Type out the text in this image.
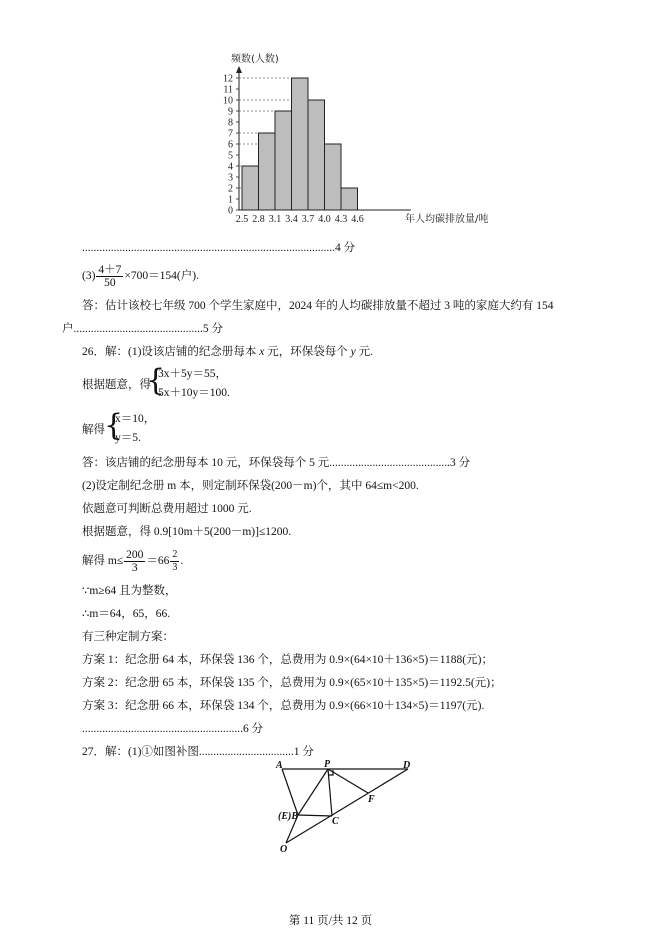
频数(人数)
0
1
2
3
4
5
6
7
8
9
10
11
12
2.5 2.8 3.1 3.4 3.7 4.0 4.3 4.6	年人均碳排放量/吨
........................................................................................4 分
$(3) \frac{4+7}{50} \times 700=154$(户).
答：估计该校七年级 700 个学生家庭中，2024 年的人均碳排放量不超过 3 吨的家庭大约有 154
户.............................................5 分
26．解：(1)设该店铺的纪念册每本 x 元，环保袋每个 y 元.
根据题意，得
{
3x＋5y＝55，
5x＋10y＝100.
解得 {
x＝10，
y＝5.
答：该店铺的纪念册每本 10 元，环保袋每个 5 元..........................................3 分
(2)设定制纪念册 m 本，则定制环保袋(200－m)个，其中 64≤m<200.
依题意可判断总费用超过 1000 元.
根据题意，得 0.9[10m＋5(200－m)]≤1200.
解得 $m\le \frac{200}{3} =66 \frac{2}{3}$ .
∵m≥64 且为整数，
∴m＝64，65，66.
有三种定制方案：
方案 1：纪念册 64 本，环保袋 136 个，总费用为 0.9×(64×10＋136×5)＝1188(元)；
方案 2：纪念册 65 本，环保袋 135 个，总费用为 0.9×(65×10＋135×5)＝1192.5(元)；
方案 3：纪念册 66 本，环保袋 134 个，总费用为 0.9×(66×10＋134×5)＝1197(元).
........................................................6 分
27．解：(1)①如图补图.................................1 分
A	P	D
F
(E)B	C
O
第 11 页/共 12 页
